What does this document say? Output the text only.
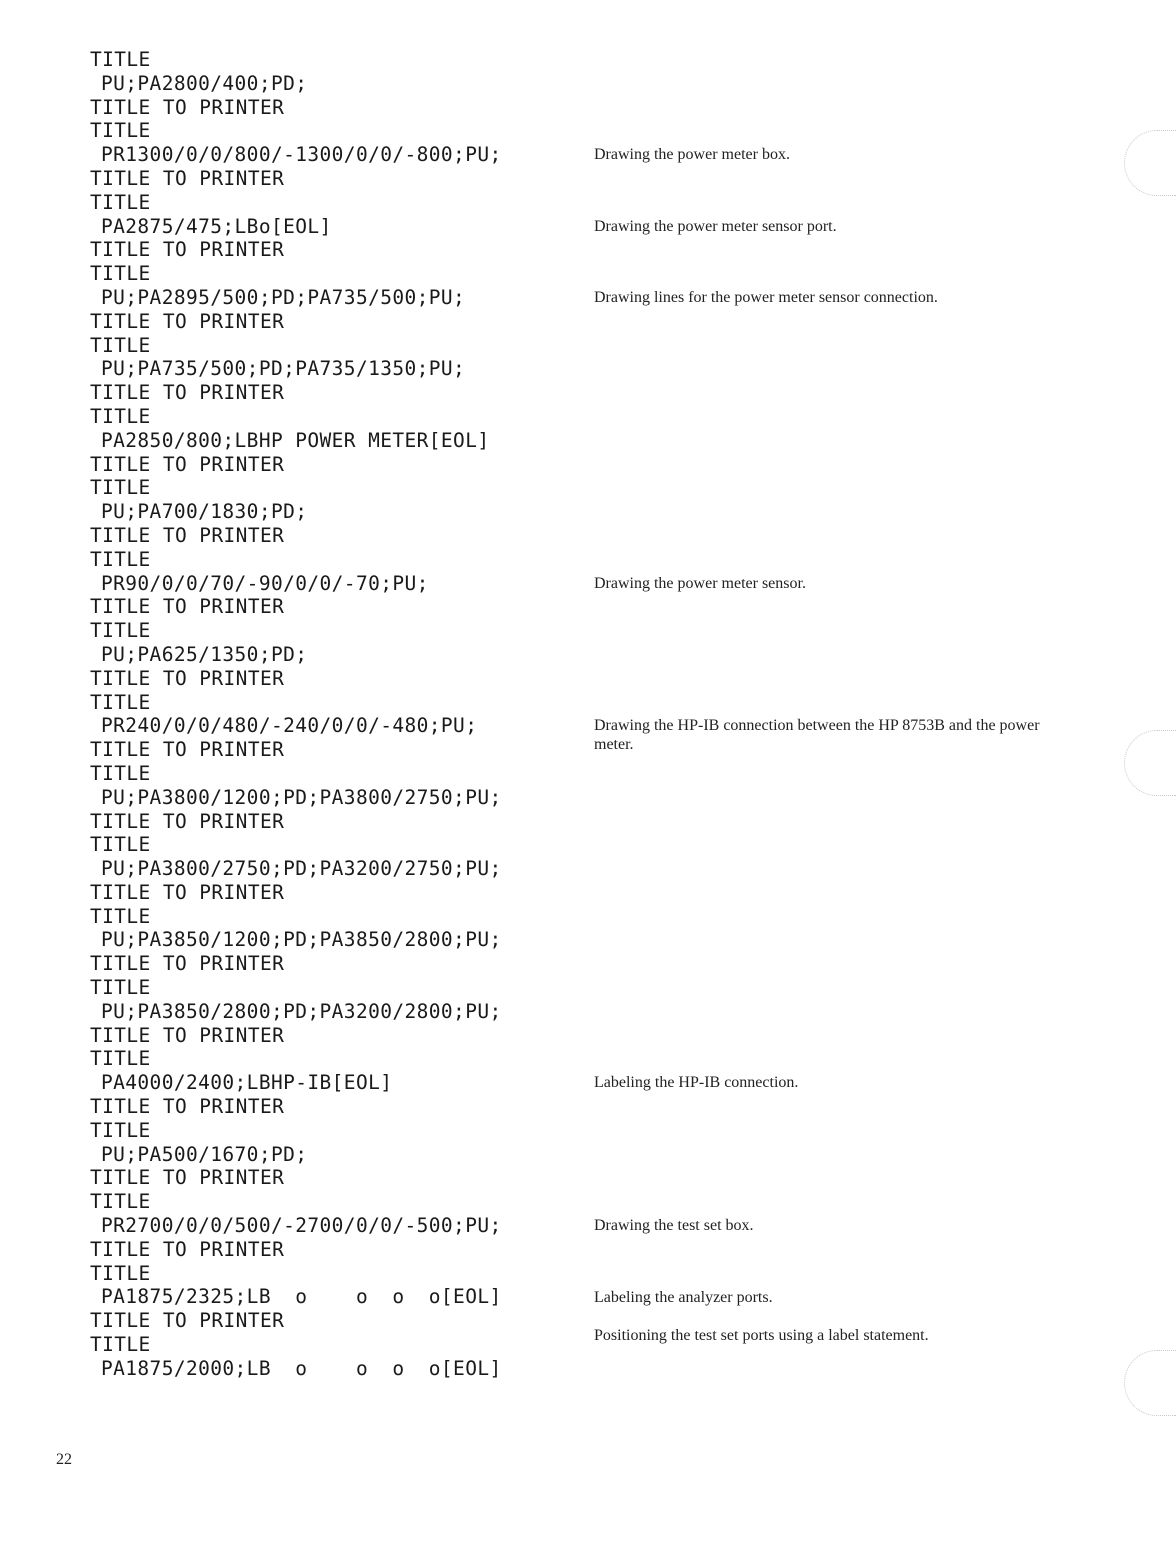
TITLE
PU;PA2800/400;PD;
TITLE TO PRINTER
TITLE
PR1300/0/0/800/-1300/0/0/-800;PU;
TITLE TO PRINTER
TITLE
PA2875/475;LBo[EOL]
TITLE TO PRINTER
TITLE
PU;PA2895/500;PD;PA735/500;PU;
TITLE TO PRINTER
TITLE
PU;PA735/500;PD;PA735/1350;PU;
TITLE TO PRINTER
TITLE
PA2850/800;LBHP POWER METER[EOL]
TITLE TO PRINTER
TITLE
PU;PA700/1830;PD;
TITLE TO PRINTER
TITLE
PR90/0/0/70/-90/0/0/-70;PU;
TITLE TO PRINTER
TITLE
PU;PA625/1350;PD;
TITLE TO PRINTER
TITLE
PR240/0/0/480/-240/0/0/-480;PU;
TITLE TO PRINTER
TITLE
PU;PA3800/1200;PD;PA3800/2750;PU;
TITLE TO PRINTER
TITLE
PU;PA3800/2750;PD;PA3200/2750;PU;
TITLE TO PRINTER
TITLE
PU;PA3850/1200;PD;PA3850/2800;PU;
TITLE TO PRINTER
TITLE
PU;PA3850/2800;PD;PA3200/2800;PU;
TITLE TO PRINTER
TITLE
PA4000/2400;LBHP-IB[EOL]
TITLE TO PRINTER
TITLE
PU;PA500/1670;PD;
TITLE TO PRINTER
TITLE
PR2700/0/0/500/-2700/0/0/-500;PU;
TITLE TO PRINTER
TITLE
PA1875/2325;LB  o    o  o  o[EOL]
TITLE TO PRINTER
TITLE
PA1875/2000;LB  o    o  o  o[EOL]
Drawing the power meter box.
Drawing the power meter sensor port.
Drawing lines for the power meter sensor connection.
Drawing the power meter sensor.
Drawing the HP-IB connection between the HP 8753B and the power meter.
Labeling the HP-IB connection.
Drawing the test set box.
Labeling the analyzer ports.
Positioning the test set ports using a label statement.
22
